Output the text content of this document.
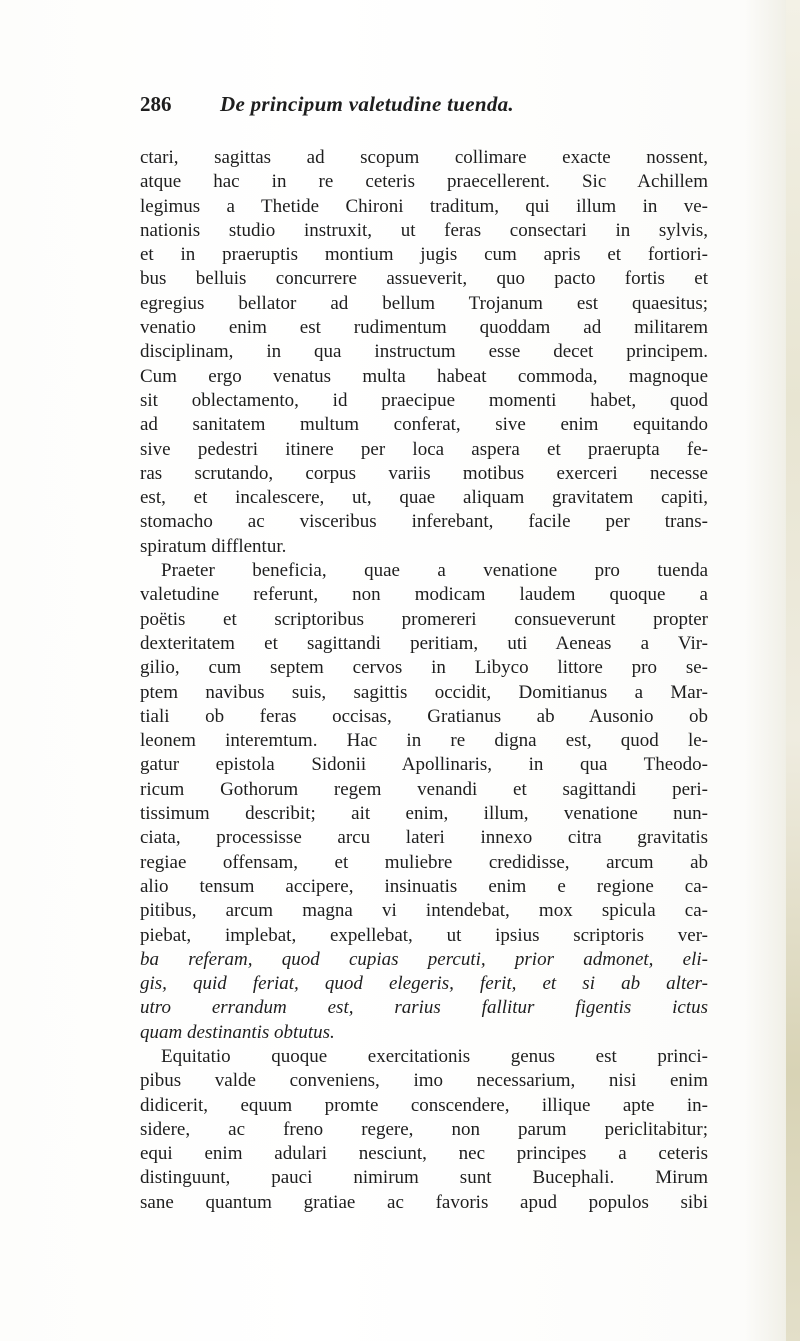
286 De principum valetudine tuenda.
ctari, sagittas ad scopum collimare exacte nossent,
atque hac in re ceteris praecellerent. Sic Achillem
legimus a Thetide Chironi traditum, qui illum in ve-
nationis studio instruxit, ut feras consectari in sylvis,
et in praeruptis montium jugis cum apris et fortiori-
bus belluis concurrere assueverit, quo pacto fortis et
egregius bellator ad bellum Trojanum est quaesitus;
venatio enim est rudimentum quoddam ad militarem
disciplinam, in qua instructum esse decet principem.
Cum ergo venatus multa habeat commoda, magnoque
sit oblectamento, id praecipue momenti habet, quod
ad sanitatem multum conferat, sive enim equitando
sive pedestri itinere per loca aspera et praerupta fe-
ras scrutando, corpus variis motibus exerceri necesse
est, et incalescere, ut, quae aliquam gravitatem capiti,
stomacho ac visceribus inferebant, facile per trans-
spiratum difflentur.
Praeter beneficia, quae a venatione pro tuenda
valetudine referunt, non modicam laudem quoque a
poëtis et scriptoribus promereri consueverunt propter
dexteritatem et sagittandi peritiam, uti Aeneas a Vir-
gilio, cum septem cervos in Libyco littore pro se-
ptem navibus suis, sagittis occidit, Domitianus a Mar-
tiali ob feras occisas, Gratianus ab Ausonio ob
leonem interemtum. Hac in re digna est, quod le-
gatur epistola Sidonii Apollinaris, in qua Theodo-
ricum Gothorum regem venandi et sagittandi peri-
tissimum describit; ait enim, illum, venatione nun-
ciata, processisse arcu lateri innexo citra gravitatis
regiae offensam, et muliebre credidisse, arcum ab
alio tensum accipere, insinuatis enim e regione ca-
pitibus, arcum magna vi intendebat, mox spicula ca-
piebat, implebat, expellebat, ut ipsius scriptoris ver-
ba referam, quod cupias percuti, prior admonet, eli-
gis, quid feriat, quod elegeris, ferit, et si ab alter-
utro errandum est, rarius fallitur figentis ictus
quam destinantis obtutus.
Equitatio quoque exercitationis genus est princi-
pibus valde conveniens, imo necessarium, nisi enim
didicerit, equum promte conscendere, illique apte in-
sidere, ac freno regere, non parum periclitabitur;
equi enim adulari nesciunt, nec principes a ceteris
distinguunt, pauci nimirum sunt Bucephali. Mirum
sane quantum gratiae ac favoris apud populos sibi
